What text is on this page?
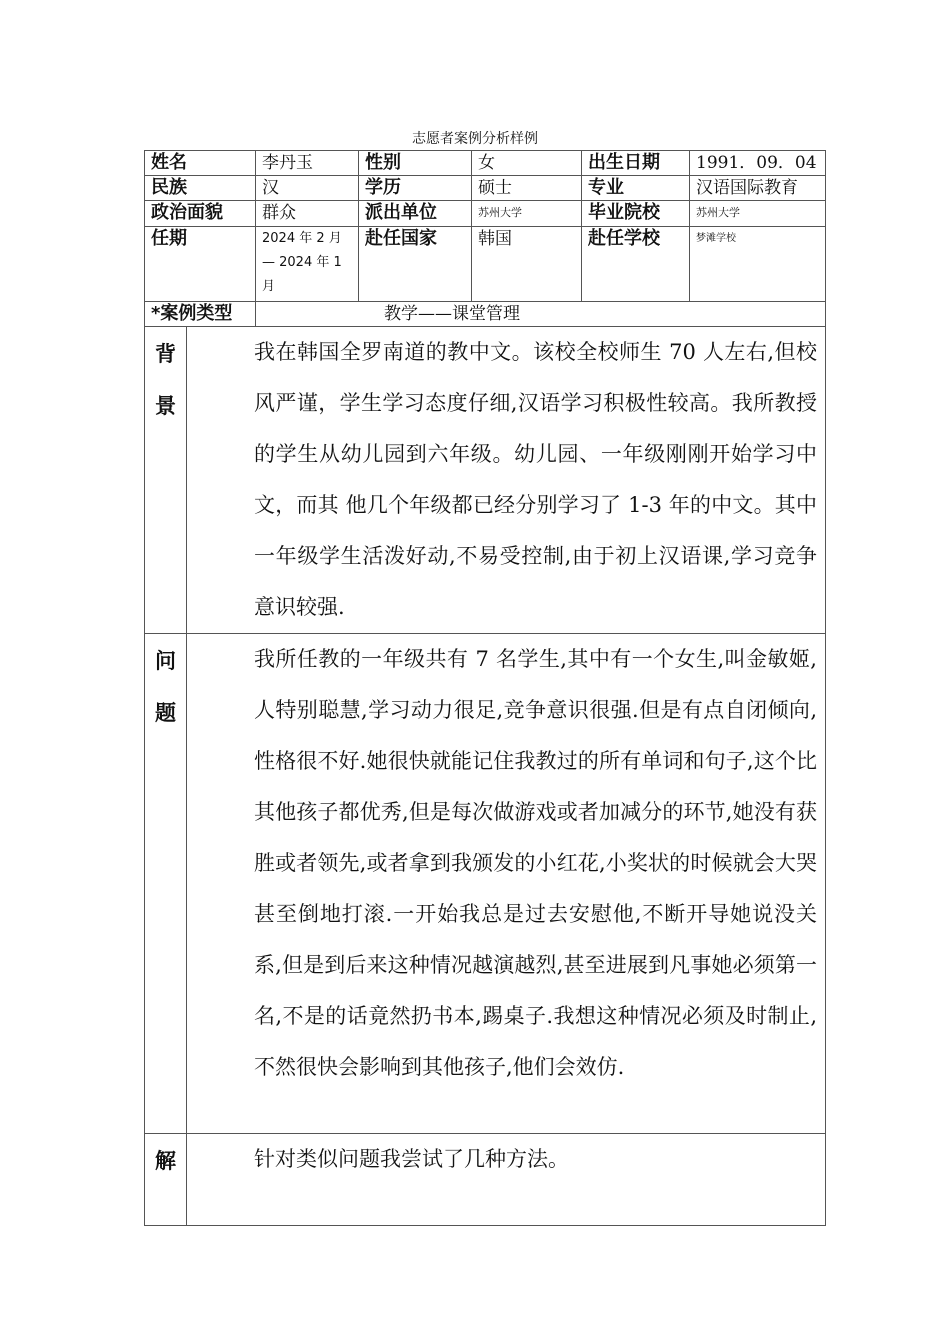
志愿者案例分析样例
姓名		李丹玉	性别	女	出生日期	1991．09．04
民族		汉	学历	硕士	专业	汉语国际教育
政治面貌		群众	派出单位	苏州大学	毕业院校	苏州大学
任期		2024 年 2 月 — 2024 年 1 月	赴任国家	韩国	赴任学校	梦滩学校
*案例类型		教学——课堂管理				

背
景	我在韩国全罗南道的教中文。该校全校师生 70 人左右,但校风严谨，学生学习态度仔细,汉语学习积极性较高。我所教授的学生从幼儿园到六年级。幼儿园、一年级刚刚开始学习中文，而其 他几个年级都已经分别学习了 1-3 年的中文。其中一年级学生活泼好动,不易受控制,由于初上汉语课,学习竞争意识较强.					

问
题	我所任教的一年级共有 7 名学生,其中有一个女生,叫金敏姬,人特别聪慧,学习动力很足,竞争意识很强.但是有点自闭倾向,性格很不好.她很快就能记住我教过的所有单词和句子,这个比其他孩子都优秀,但是每次做游戏或者加减分的环节,她没有获胜或者领先,或者拿到我颁发的小红花,小奖状的时候就会大哭甚至倒地打滚.一开始我总是过去安慰他,不断开导她说没关系,但是到后来这种情况越演越烈,甚至进展到凡事她必须第一名,不是的话竟然扔书本,踢桌子.我想这种情况必须及时制止,不然很快会影响到其他孩子,他们会效仿.					

解	针对类似问题我尝试了几种方法。					
